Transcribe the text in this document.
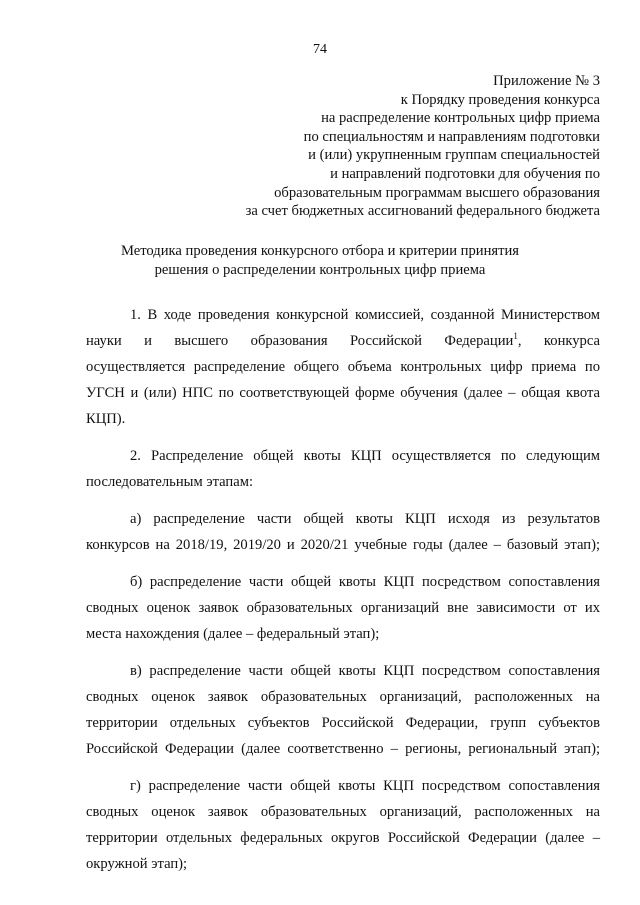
74
Приложение № 3
к Порядку проведения конкурса
на распределение контрольных цифр приема
по специальностям и направлениям подготовки
и (или) укрупненным группам специальностей
и направлений подготовки для обучения по
образовательным программам высшего образования
за счет бюджетных ассигнований федерального бюджета
Методика проведения конкурсного отбора и критерии принятия
решения о распределении контрольных цифр приема
1. В ходе проведения конкурсной комиссией, созданной Министерством
науки и высшего образования Российской Федерации$^1$, конкурса
осуществляется распределение общего объема контрольных цифр приема по
УГСН и (или) НПС по соответствующей форме обучения (далее – общая квота
КЦП).
2. Распределение общей квоты КЦП осуществляется по следующим
последовательным этапам:
а) распределение части общей квоты КЦП исходя из результатов
конкурсов на 2018/19, 2019/20 и 2020/21 учебные годы (далее – базовый этап);
б) распределение части общей квоты КЦП посредством сопоставления
сводных оценок заявок образовательных организаций вне зависимости от их
места нахождения (далее – федеральный этап);
в) распределение части общей квоты КЦП посредством сопоставления
сводных оценок заявок образовательных организаций, расположенных на
территории отдельных субъектов Российской Федерации, групп субъектов
Российской Федерации (далее соответственно – регионы, региональный этап);
г) распределение части общей квоты КЦП посредством сопоставления
сводных оценок заявок образовательных организаций, расположенных на
территории отдельных федеральных округов Российской Федерации (далее –
окружной этап);
